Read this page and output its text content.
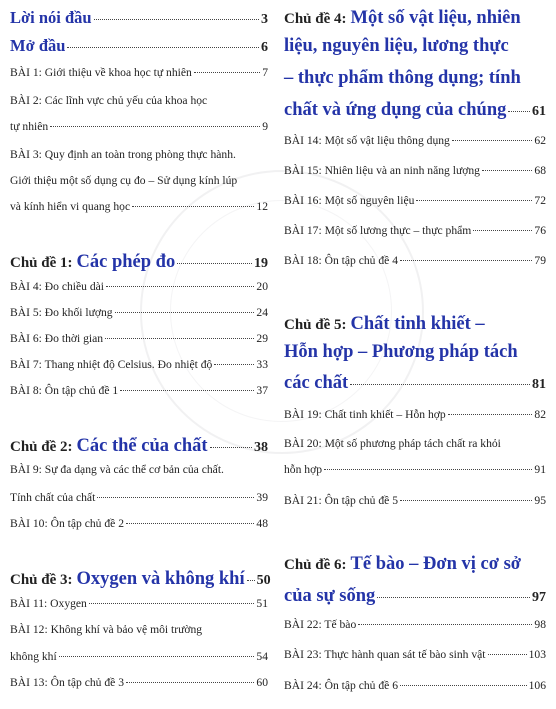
Lời nói đầu	3
Mở đầu	6
BÀI 1: Giới thiệu về khoa học tự nhiên	7
BÀI 2: Các lĩnh vực chủ yếu của khoa học
tự nhiên	9
BÀI 3: Quy định an toàn trong phòng thực hành.
Giới thiệu một số dụng cụ đo – Sử dụng kính lúp
và kính hiển vi quang học	12
Chủ đề 1: Các phép đo	19
BÀI 4: Đo chiều dài	20
BÀI 5: Đo khối lượng	24
BÀI 6: Đo thời gian	29
BÀI 7: Thang nhiệt độ Celsius. Đo nhiệt độ	33
BÀI 8: Ôn tập chủ đề 1	37
Chủ đề 2: Các thể của chất	38
BÀI 9: Sự đa dạng và các thể cơ bản của chất.
Tính chất của chất	39
BÀI 10: Ôn tập chủ đề 2	48
Chủ đề 3: Oxygen và không khí 50
BÀI 11: Oxygen	51
BÀI 12: Không khí và bảo vệ môi trường
không khí	54
BÀI 13: Ôn tập chủ đề 3	60
Chủ đề 4: Một số vật liệu, nhiên
liệu, nguyên liệu, lương thực
– thực phẩm thông dụng; tính
chất và ứng dụng của chúng 61
BÀI 14: Một số vật liệu thông dụng	62
BÀI 15: Nhiên liệu và an ninh năng lượng	68
BÀI 16: Một số nguyên liệu	72
BÀI 17: Một số lương thực – thực phẩm	76
BÀI 18: Ôn tập chủ đề 4	79
Chủ đề 5: Chất tinh khiết –
Hỗn hợp – Phương pháp tách
các chất	81
BÀI 19: Chất tinh khiết – Hỗn hợp	82
BÀI 20: Một số phương pháp tách chất ra khỏi
hỗn hợp	91
BÀI 21: Ôn tập chủ đề 5	95
Chủ đề 6: Tế bào – Đơn vị cơ sở
của sự sống	97
BÀI 22: Tế bào	98
BÀI 23: Thực hành quan sát tế bào sinh vật	103
BÀI 24: Ôn tập chủ đề 6	106
